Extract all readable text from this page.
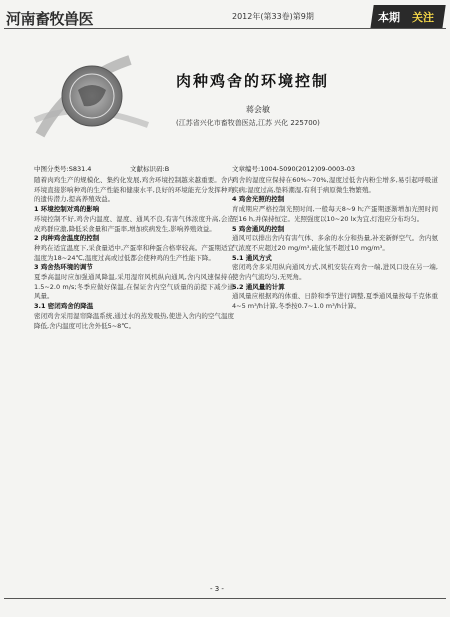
河南畜牧兽医	2012年(第33卷)第9期	本期 关注
肉种鸡舍的环境控制
蒋会敏
(江苏省兴化市畜牧兽医站,江苏 兴化 225700)
中图分类号:S831.4	文献标识码:B	文章编号:1004-5090(2012)09-0003-03

随着肉鸡生产的规模化、集约化发展,鸡舍环境控制越来越重要。舍内环境直接影响种鸡的生产性能和健康水平,良好的环境能充分发挥种鸡的遗传潜力,提高养殖效益。

1 环境控制对鸡的影响

环境控制不好,鸡舍内温度、湿度、通风不良,有害气体浓度升高,会造成鸡群应激,降低采食量和产蛋率,增加疾病发生,影响养殖效益。

2 肉种鸡舍温度的控制

种鸡在适宜温度下,采食量适中,产蛋率和种蛋合格率较高。产蛋期适宜温度为18~24℃,温度过高或过低都会使种鸡的生产性能下降。

3 鸡舍热环境的调节

夏季高温时应加强通风降温,采用湿帘风机纵向通风,舍内风速保持在1.5~2.0 m/s;冬季应做好保温,在保证舍内空气质量的前提下减少通风量。

3.1 密闭鸡舍的降温

密闭鸡舍采用湿帘降温系统,通过水的蒸发吸热,使进入舍内的空气温度降低,舍内温度可比舍外低5~8℃。

鸡舍的湿度应保持在60%~70%,湿度过低舍内粉尘增多,易引起呼吸道疾病;湿度过高,垫料潮湿,有利于病原微生物繁殖。

4 鸡舍光照的控制

育成期应严格控制光照时间,一般每天8~9 h;产蛋期逐渐增加光照时间至16 h,并保持恒定。光照强度以10~20 lx为宜,灯泡应分布均匀。

5 鸡舍通风的控制

通风可以排出舍内有害气体、多余的水分和热量,补充新鲜空气。舍内氨气浓度不应超过20 mg/m³,硫化氢不超过10 mg/m³。

5.1 通风方式

密闭鸡舍多采用纵向通风方式,风机安装在鸡舍一端,进风口设在另一端,使舍内气流均匀,无死角。

5.2 通风量的计算

通风量应根据鸡的体重、日龄和季节进行调整,夏季通风量按每千克体重4~5 m³/h计算,冬季按0.7~1.0 m³/h计算。

- 3 -
